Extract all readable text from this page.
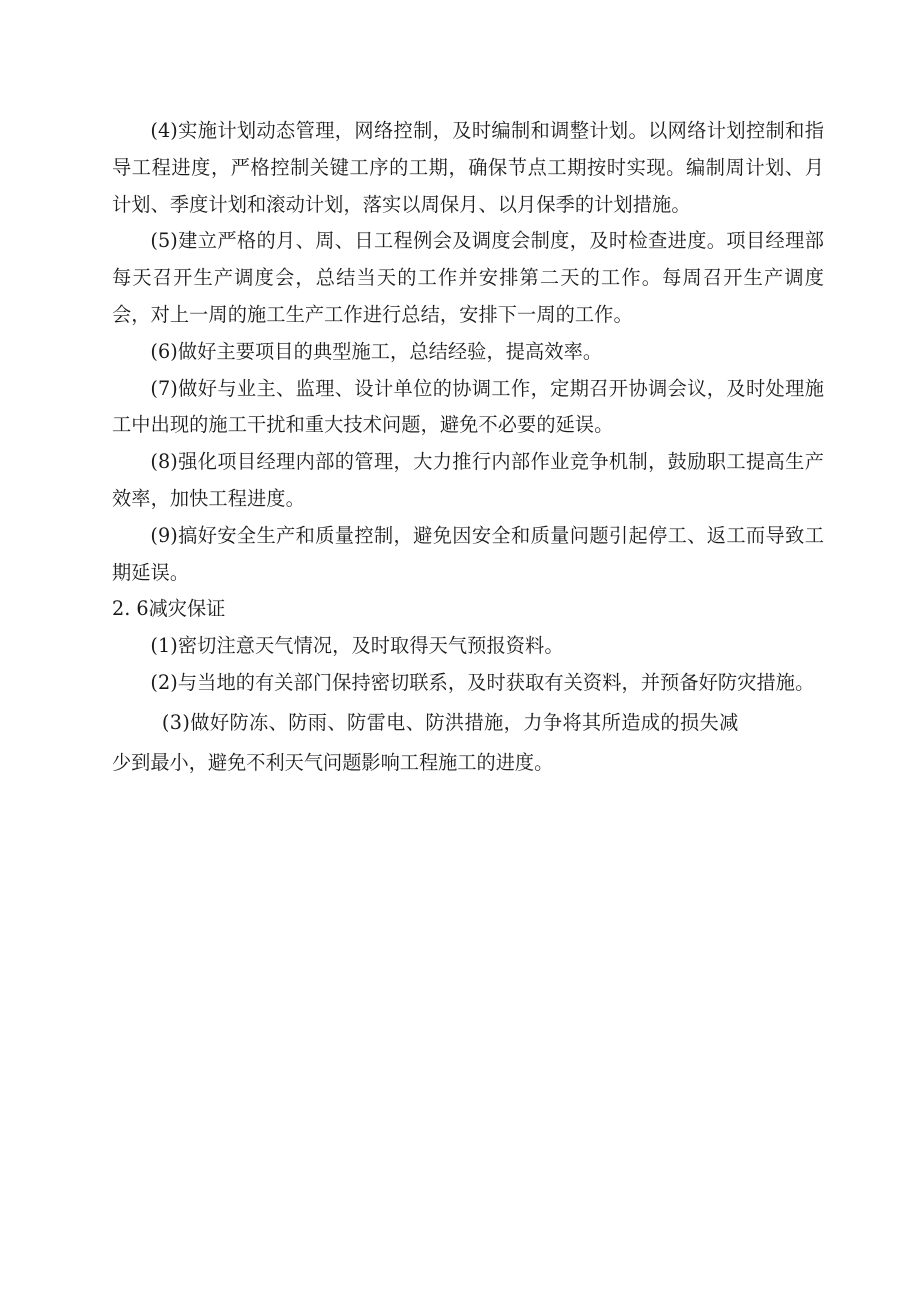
(4)实施计划动态管理，网络控制，及时编制和调整计划。以网络计划控制和指导工程进度，严格控制关键工序的工期，确保节点工期按时实现。编制周计划、月计划、季度计划和滚动计划，落实以周保月、以月保季的计划措施。

(5)建立严格的月、周、日工程例会及调度会制度，及时检查进度。项目经理部每天召开生产调度会，总结当天的工作并安排第二天的工作。每周召开生产调度会，对上一周的施工生产工作进行总结，安排下一周的工作。

(6)做好主要项目的典型施工，总结经验，提高效率。

(7)做好与业主、监理、设计单位的协调工作，定期召开协调会议，及时处理施工中出现的施工干扰和重大技术问题，避免不必要的延误。

(8)强化项目经理内部的管理，大力推行内部作业竞争机制，鼓励职工提高生产效率，加快工程进度。

(9)搞好安全生产和质量控制，避免因安全和质量问题引起停工、返工而导致工期延误。

2. 6减灾保证

(1)密切注意天气情况，及时取得天气预报资料。

(2)与当地的有关部门保持密切联系，及时获取有关资料，并预备好防灾措施。

(3)做好防冻、防雨、防雷电、防洪措施，力争将其所造成的损失减

少到最小，避免不利天气问题影响工程施工的进度。
